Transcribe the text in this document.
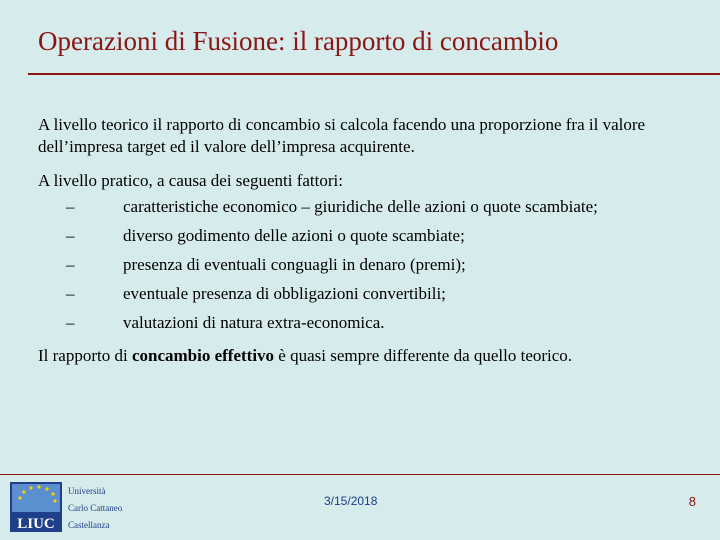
Operazioni di Fusione: il rapporto di concambio

A livello teorico il rapporto di concambio si calcola facendo una proporzione fra il valore dell’impresa target ed il valore dell’impresa acquirente.

A livello pratico, a causa dei seguenti fattori:

–	caratteristiche economico – giuridiche delle azioni o quote scambiate;
–	diverso godimento delle azioni o quote scambiate;
–	presenza di eventuali conguagli in denaro (premi);
–	eventuale presenza di obbligazioni convertibili;
–	valutazioni di natura extra-economica.

Il rapporto di concambio effettivo è quasi sempre differente da quello teorico.

LIUC
Università
Carlo Cattaneo
Castellanza
3/15/2018	8
